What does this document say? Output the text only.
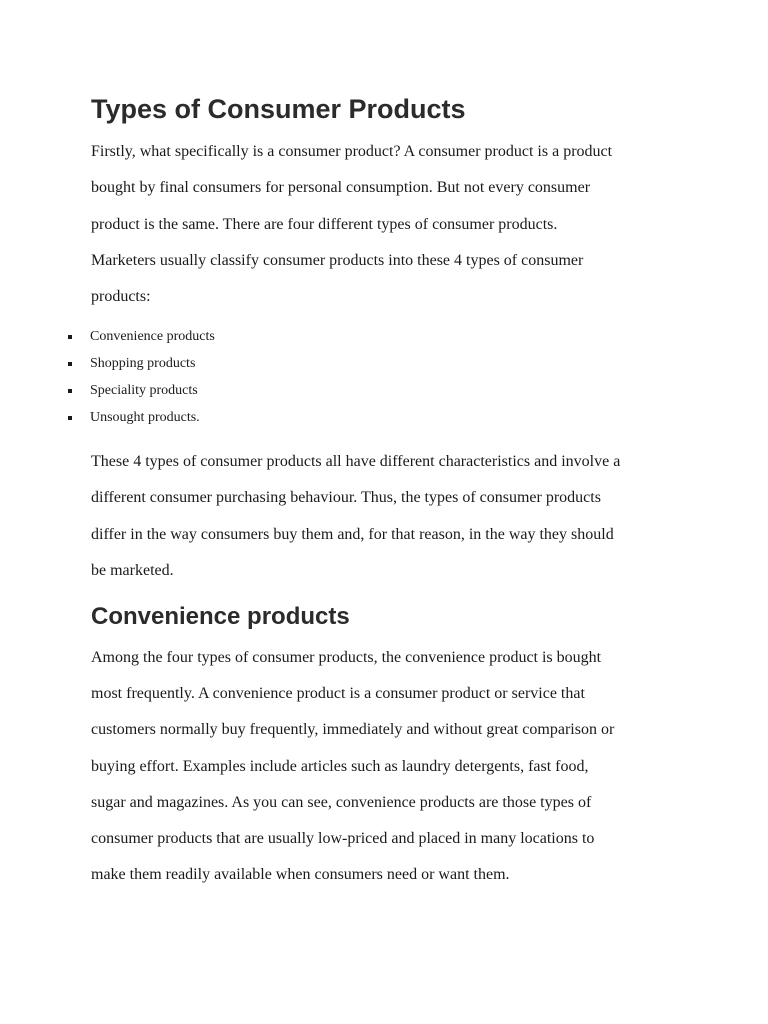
Types of Consumer Products

Firstly, what specifically is a consumer product? A consumer product is a product
bought by final consumers for personal consumption. But not every consumer
product is the same. There are four different types of consumer products.
Marketers usually classify consumer products into these 4 types of consumer
products:

Convenience products
Shopping products
Speciality products
Unsought products.

These 4 types of consumer products all have different characteristics and involve a
different consumer purchasing behaviour. Thus, the types of consumer products
differ in the way consumers buy them and, for that reason, in the way they should
be marketed.

Convenience products

Among the four types of consumer products, the convenience product is bought
most frequently. A convenience product is a consumer product or service that
customers normally buy frequently, immediately and without great comparison or
buying effort. Examples include articles such as laundry detergents, fast food,
sugar and magazines. As you can see, convenience products are those types of
consumer products that are usually low-priced and placed in many locations to
make them readily available when consumers need or want them.
